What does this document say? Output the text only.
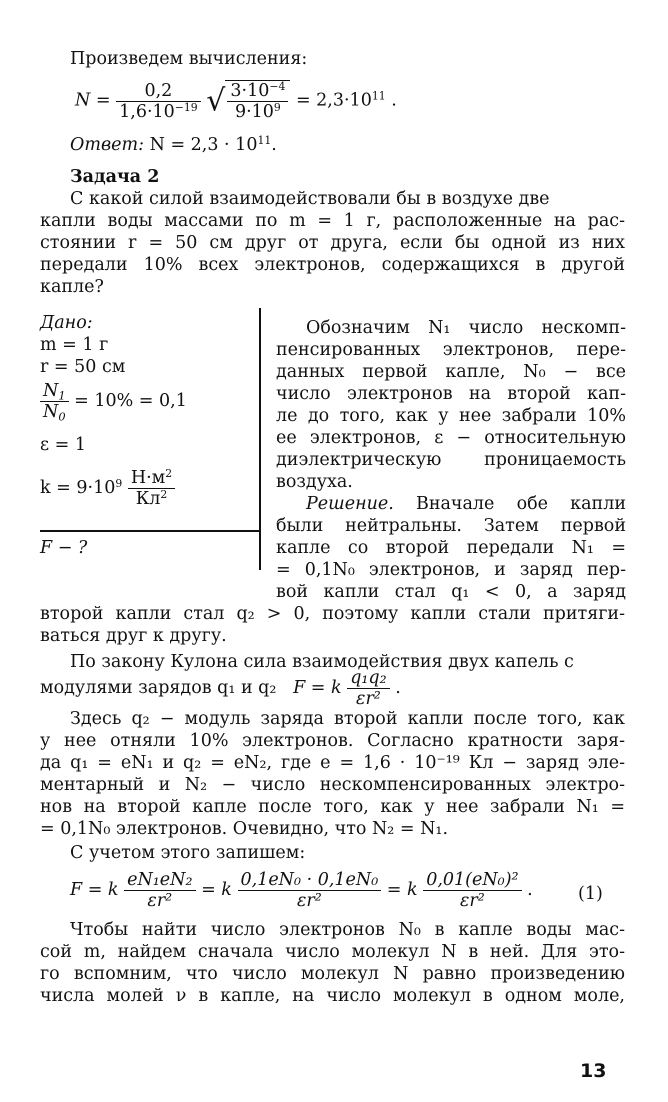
Произведем вычисления:
$N = \frac{0,2}{1,6\cdot 10^{-19}}$ √ $\frac{3\cdot 10^{-4}}{9\cdot 10^9} = 2,3\cdot 10^{11}$ .
Ответ: $N = 2,3 \cdot 10^{11}$.
Задача 2
С какой силой взаимодействовали бы в воздухе две
капли воды массами по m = 1 г, расположенные на рас-
стоянии r = 50 см друг от друга, если бы одной из них
передали 10% всех электронов, содержащихся в другой
капле?
Дано:
m = 1 г
r = 50 см
$\frac{N_1}{N_0} = 10\% = 0,1$
ε = 1
$k = 9\cdot 10^9 \frac{Н\cdot м^2}{Кл^2}$
F − ?
Обозначим N₁ число нескомп-
пенсированных электронов, пере-
данных первой капле, N₀ − все
число электронов на второй кап-
ле до того, как у нее забрали 10%
ее электронов, ε − относительную
диэлектрическую проницаемость
воздуха.
Решение. Вначале обе капли
были нейтральны. Затем первой
капле со второй передали N₁ =
= 0,1N₀ электронов, и заряд пер-
вой капли стал q₁ < 0, а заряд
второй капли стал q₂ > 0, поэтому капли стали притяги-
ваться друг к другу.
По закону Кулона сила взаимодействия двух капель с
модулями зарядов q₁ и q₂ F = k $\frac{\text{q₁q₂}}{\text{εr²}}$ .
Здесь q₂ − модуль заряда второй капли после того, как
у нее отняли 10% электронов. Согласно кратности заря-
да q₁ = eN₁ и q₂ = eN₂, где e = 1,6 · 10⁻¹⁹ Кл − заряд эле-
ментарный и N₂ − число нескомпенсированных электро-
нов на второй капле после того, как у нее забрали N₁ =
= 0,1N₀ электронов. Очевидно, что N₂ = N₁.
С учетом этого запишем:
F = k $\frac{\text{eN₁eN₂}}{\text{εr²}} = k \frac{\text{0,1eN₀ · 0,1eN₀}}{\text{εr²}} = k \frac{\text{0,01(eN₀)²}}{\text{εr²}}$ .	(1)
Чтобы найти число электронов N₀ в капле воды мас-
сой m, найдем сначала число молекул N в ней. Для это-
го вспомним, что число молекул N равно произведению
числа молей ν в капле, на число молекул в одном моле,
13
